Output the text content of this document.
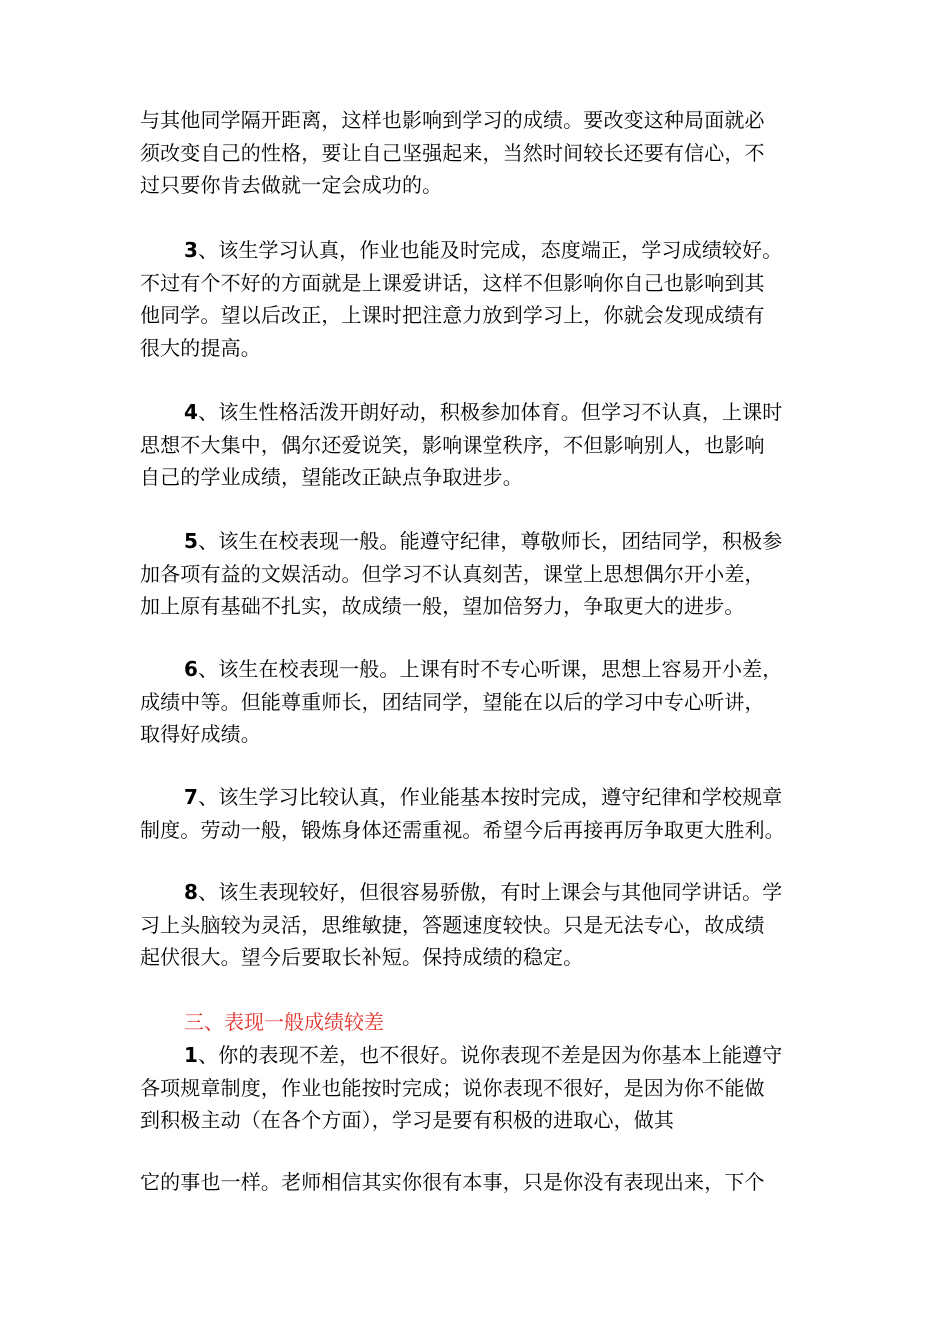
与其他同学隔开距离，这样也影响到学习的成绩。要改变这种局面就必
须改变自己的性格，要让自己坚强起来，当然时间较长还要有信心，不
过只要你肯去做就一定会成功的。

3、该生学习认真，作业也能及时完成，态度端正，学习成绩较好。
不过有个不好的方面就是上课爱讲话，这样不但影响你自己也影响到其
他同学。望以后改正，上课时把注意力放到学习上，你就会发现成绩有
很大的提高。

4、该生性格活泼开朗好动，积极参加体育。但学习不认真，上课时
思想不大集中，偶尔还爱说笑，影响课堂秩序，不但影响别人，也影响
自己的学业成绩，望能改正缺点争取进步。

5、该生在校表现一般。能遵守纪律，尊敬师长，团结同学，积极参
加各项有益的文娱活动。但学习不认真刻苦，课堂上思想偶尔开小差，
加上原有基础不扎实，故成绩一般，望加倍努力，争取更大的进步。

6、该生在校表现一般。上课有时不专心听课，思想上容易开小差，
成绩中等。但能尊重师长，团结同学，望能在以后的学习中专心听讲，
取得好成绩。

7、该生学习比较认真，作业能基本按时完成，遵守纪律和学校规章
制度。劳动一般，锻炼身体还需重视。希望今后再接再厉争取更大胜利。

8、该生表现较好，但很容易骄傲，有时上课会与其他同学讲话。学
习上头脑较为灵活，思维敏捷，答题速度较快。只是无法专心，故成绩
起伏很大。望今后要取长补短。保持成绩的稳定。

三、表现一般成绩较差

1、你的表现不差，也不很好。说你表现不差是因为你基本上能遵守
各项规章制度，作业也能按时完成；说你表现不很好，是因为你不能做
到积极主动（在各个方面），学习是要有积极的进取心，做其

它的事也一样。老师相信其实你很有本事，只是你没有表现出来，下个
